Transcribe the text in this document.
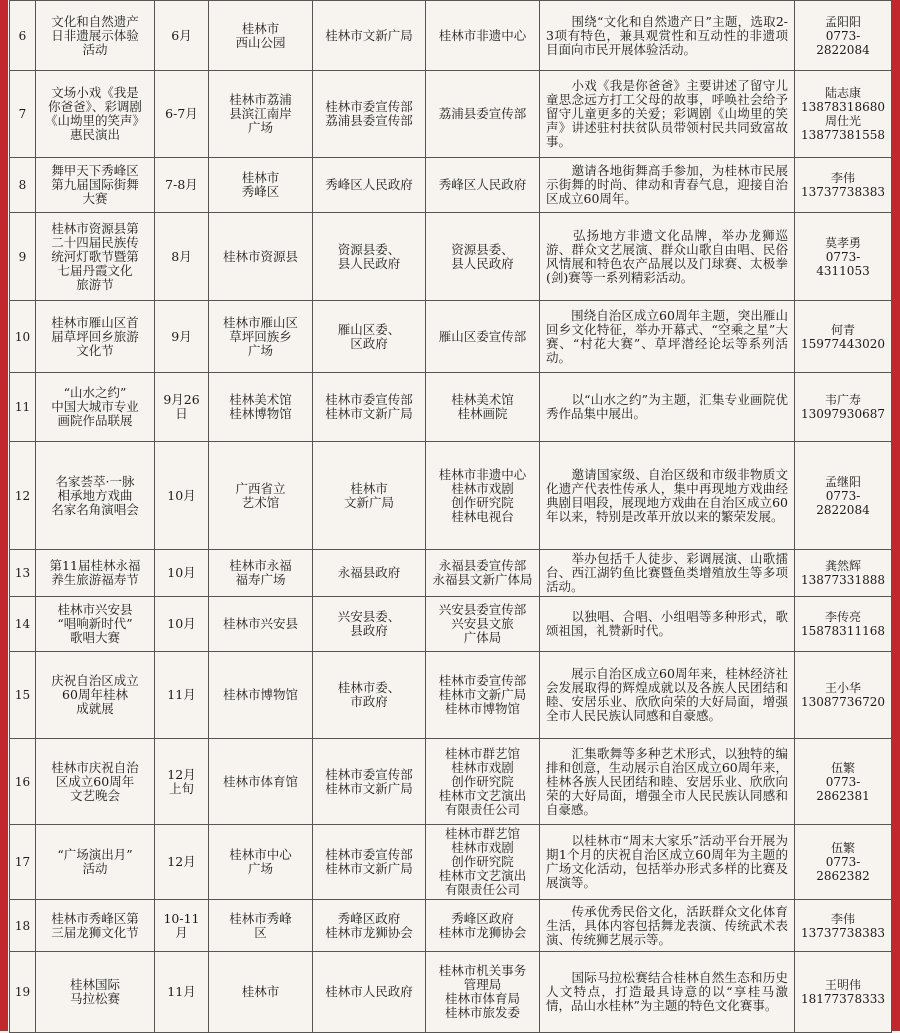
6	文化和自然遗产
日非遗展示体验
活动	6月	桂林市
西山公园	桂林市文新广局	桂林市非遗中心	　　围绕“文化和自然遗产日”主题，选取2-3项有特色，兼具观赏性和互动性的非遗项目面向市民开展体验活动。	孟阳阳
0773-
2822084
7	文场小戏《我是
你爸爸》、彩调剧
《山坳里的笑声》
惠民演出	6-7月	桂林市荔浦
县滨江南岸
广场	桂林市委宣传部
荔浦县委宣传部	荔浦县委宣传部	　　小戏《我是你爸爸》主要讲述了留守儿童思念远方打工父母的故事，呼唤社会给予留守儿童更多的关爱；彩调剧《山坳里的笑声》讲述驻村扶贫队员带领村民共同致富故事。	陆志康
13878318680
周仕光
13877381558
8	舞甲天下秀峰区
第九届国际街舞
大赛	7-8月	桂林市
秀峰区	秀峰区人民政府	秀峰区人民政府	　　邀请各地街舞高手参加，为桂林市民展示街舞的时尚、律动和青春气息，迎接自治区成立60周年。	李伟
13737738383
9	桂林市资源县第
二十四届民族传
统河灯歌节暨第
七届丹霞文化
旅游节	8月	桂林市资源县	资源县委、
县人民政府	资源县委、
县人民政府	　　弘扬地方非遗文化品牌，举办龙狮巡游、群众文艺展演、群众山歌自由唱、民俗风情展和特色农产品展以及门球赛、太极拳(剑)赛等一系列精彩活动。	莫孝勇
0773-
4311053
10	桂林市雁山区首
届草坪回乡旅游
文化节	9月	桂林市雁山区
草坪回族乡
广场	雁山区委、
区政府	雁山区委宣传部	　　围绕自治区成立60周年主题，突出雁山回乡文化特征，举办开幕式、“空乘之星”大赛、“村花大赛”、草坪潜经论坛等系列活动。	何青
15977443020
11	“山水之约”
中国大城市专业
画院作品联展	9月26
日	桂林美术馆
桂林博物馆	桂林市委宣传部
桂林市文新广局	桂林美术馆
桂林画院	　　以“山水之约”为主题，汇集专业画院优秀作品集中展出。	韦广寿
13097930687
12	名家荟萃·一脉
相承地方戏曲
名家名角演唱会	10月	广西省立
艺术馆	桂林市
文新广局	桂林市非遗中心
桂林市戏剧
创作研究院
桂林电视台	　　邀请国家级、自治区级和市级非物质文化遗产代表性传承人，集中再现地方戏曲经典剧目唱段，展现地方戏曲在自治区成立60年以来，特别是改革开放以来的繁荣发展。	孟继阳
0773-
2822084
13	第11届桂林永福
养生旅游福寿节	10月	桂林市永福
福寿广场	永福县政府	永福县委宣传部
永福县文新广体局	　　举办包括千人徒步、彩调展演、山歌擂台、西江湖钓鱼比赛暨鱼类增殖放生等多项活动。	龚然辉
13877331888
14	桂林市兴安县
“唱响新时代”
歌唱大赛	10月	桂林市兴安县	兴安县委、
县政府	兴安县委宣传部
兴安县文旅
广体局	　　以独唱、合唱、小组唱等多种形式，歌颂祖国，礼赞新时代。	李传亮
15878311168
15	庆祝自治区成立
60周年桂林
成就展	11月	桂林市博物馆	桂林市委、
市政府	桂林市委宣传部
桂林市文新广局
桂林市博物馆	　　展示自治区成立60周年来，桂林经济社会发展取得的辉煌成就以及各族人民团结和睦、安居乐业、欣欣向荣的大好局面，增强全市人民民族认同感和自豪感。	王小华
13087736720
16	桂林市庆祝自治
区成立60周年
文艺晚会	12月
上旬	桂林市体育馆	桂林市委宣传部
桂林市文新广局	桂林市群艺馆
桂林市戏剧
创作研究院
桂林市文艺演出
有限责任公司	　　汇集歌舞等多种艺术形式，以独特的编排和创意，生动展示自治区成立60周年来，桂林各族人民团结和睦、安居乐业、欣欣向荣的大好局面，增强全市人民民族认同感和自豪感。	伍繁
0773-
2862381
17	“广场演出月”
活动	12月	桂林市中心
广场	桂林市委宣传部
桂林市文新广局	桂林市群艺馆
桂林市戏剧
创作研究院
桂林市文艺演出
有限责任公司	　　以桂林市“周末大家乐”活动平台开展为期1个月的庆祝自治区成立60周年为主题的广场文化活动，包括举办形式多样的比赛及展演等。	伍繁
0773-
2862382
18	桂林市秀峰区第
三届龙狮文化节	10-11
月	桂林市秀峰
区	秀峰区政府
桂林市龙狮协会	秀峰区政府
桂林市龙狮协会	　　传承优秀民俗文化，活跃群众文化体育生活，具体内容包括舞龙表演、传统武术表演、传统狮艺展示等。	李伟
13737738383
19	桂林国际
马拉松赛	11月	桂林市	桂林市人民政府	桂林市机关事务
管理局
桂林市体育局
桂林市旅发委	　　国际马拉松赛结合桂林自然生态和历史人文特点，打造最具诗意的以“享桂马激情，品山水桂林”为主题的特色文化赛事。	王明伟
18177378333
